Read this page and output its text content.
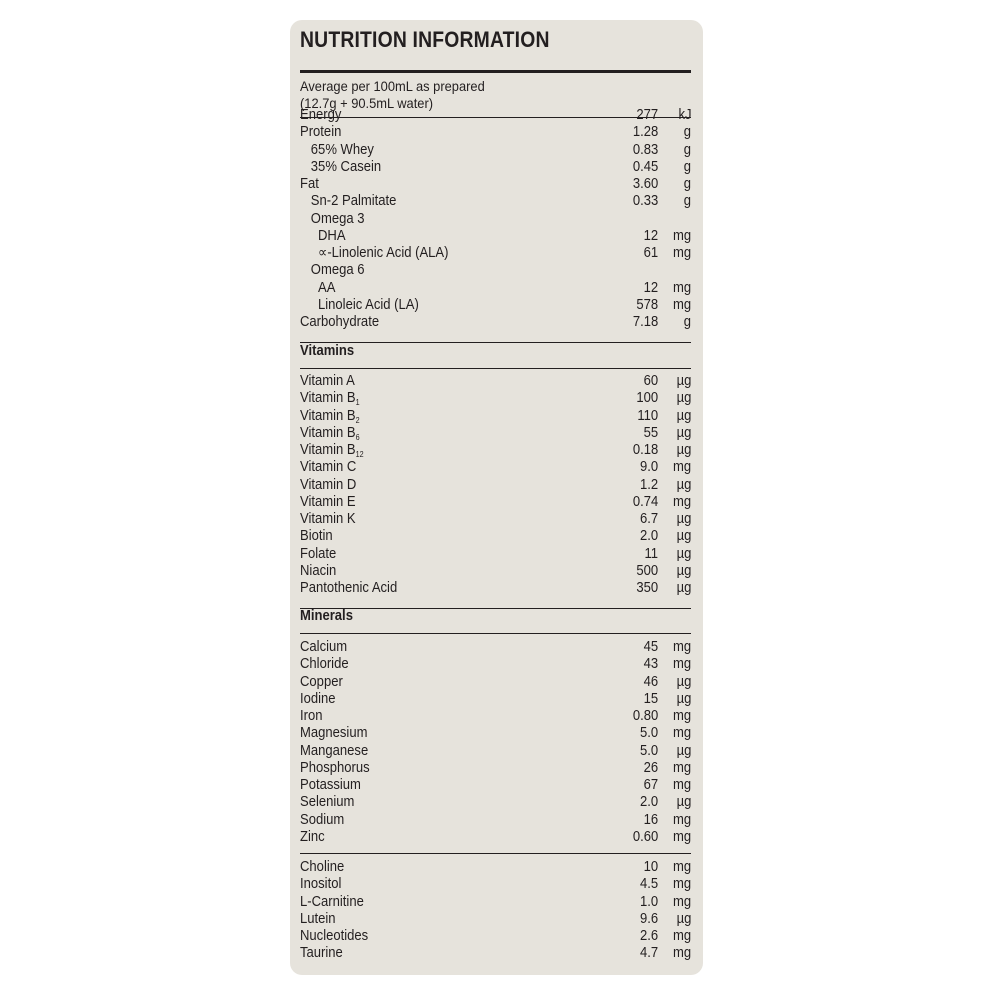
NUTRITION INFORMATION
Average per 100mL as prepared
(12.7g + 90.5mL water)
Energy	277 kJ
Protein	1.28 g
65% Whey	0.83 g
35% Casein	0.45 g
Fat	3.60 g
Sn-2 Palmitate	0.33 g
Omega 3
DHA	12 mg
∝-Linolenic Acid (ALA)	61 mg
Omega 6
AA	12 mg
Linoleic Acid (LA)	578 mg
Carbohydrate	7.18 g
Vitamins
Vitamin A	60 µg
Vitamin $B_1$	100 µg
Vitamin $B_2$	110 µg
Vitamin $B_6$	55 µg
Vitamin $B_{12}$	0.18 µg
Vitamin C	9.0 mg
Vitamin D	1.2 µg
Vitamin E	0.74 mg
Vitamin K	6.7 µg
Biotin	2.0 µg
Folate	11 µg
Niacin	500 µg
Pantothenic Acid	350 µg
Minerals
Calcium	45 mg
Chloride	43 mg
Copper	46 µg
Iodine	15 µg
Iron	0.80 mg
Magnesium	5.0 mg
Manganese	5.0 µg
Phosphorus	26 mg
Potassium	67 mg
Selenium	2.0 µg
Sodium	16 mg
Zinc	0.60 mg
Choline	10 mg
Inositol	4.5 mg
L-Carnitine	1.0 mg
Lutein	9.6 µg
Nucleotides	2.6 mg
Taurine	4.7 mg
